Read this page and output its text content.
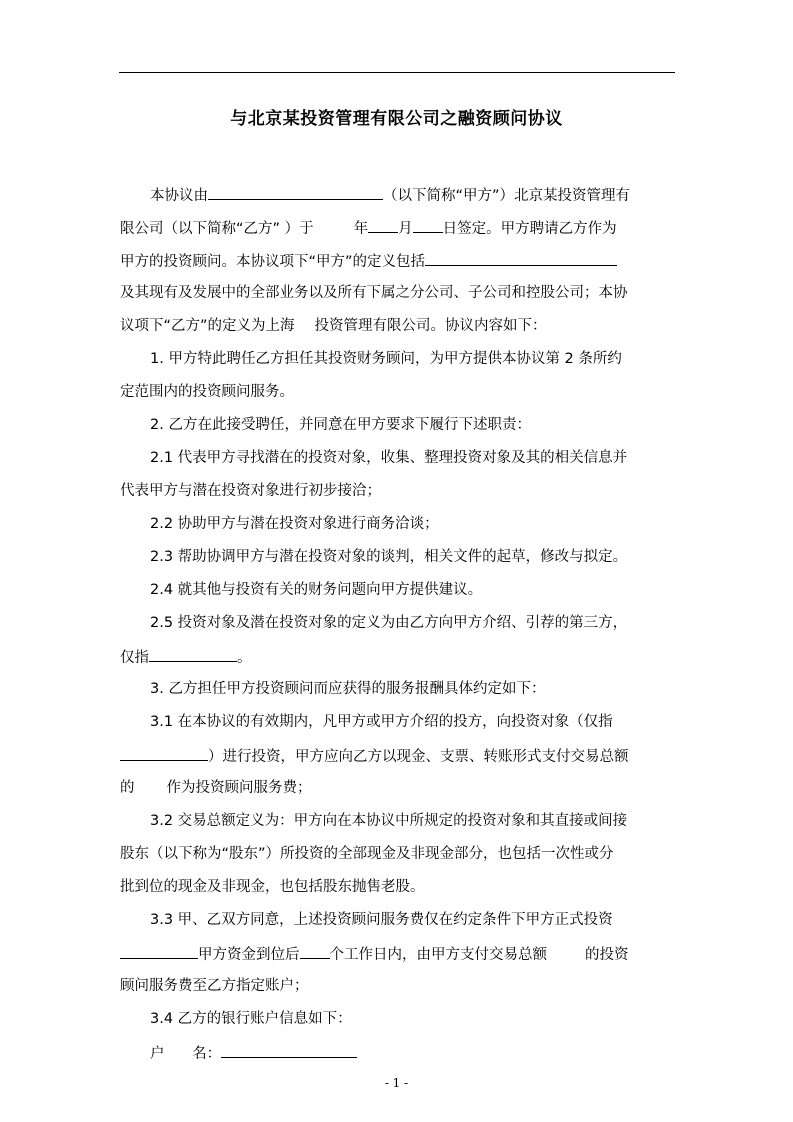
与北京某投资管理有限公司之融资顾问协议
本协议由	（以下简称“甲方”）北京某投资管理有
限公司（以下简称“乙方” ）于	年 月 日签定。甲方聘请乙方作为
甲方的投资顾问。本协议项下“甲方”的定义包括
及其现有及发展中的全部业务以及所有下属之分公司、子公司和控股公司；本协
议项下“乙方”的定义为上海 投资管理有限公司。协议内容如下：
1. 甲方特此聘任乙方担任其投资财务顾问，为甲方提供本协议第 2 条所约
定范围内的投资顾问服务。
2. 乙方在此接受聘任，并同意在甲方要求下履行下述职责：
2.1 代表甲方寻找潜在的投资对象，收集、整理投资对象及其的相关信息并
代表甲方与潜在投资对象进行初步接洽；
2.2 协助甲方与潜在投资对象进行商务洽谈；
2.3 帮助协调甲方与潜在投资对象的谈判，相关文件的起草，修改与拟定。
2.4 就其他与投资有关的财务问题向甲方提供建议。
2.5 投资对象及潜在投资对象的定义为由乙方向甲方介绍、引荐的第三方，
仅指	。
3. 乙方担任甲方投资顾问而应获得的服务报酬具体约定如下：
3.1 在本协议的有效期内，凡甲方或甲方介绍的投方，向投资对象（仅指
）进行投资，甲方应向乙方以现金、支票、转账形式支付交易总额
的 作为投资顾问服务费；
3.2 交易总额定义为：甲方向在本协议中所规定的投资对象和其直接或间接
股东（以下称为“股东”）所投资的全部现金及非现金部分，也包括一次性或分
批到位的现金及非现金，也包括股东抛售老股。
3.3 甲、乙双方同意，上述投资顾问服务费仅在约定条件下甲方正式投资
甲方资金到位后 个工作日内，由甲方支付交易总额	的投资
顾问服务费至乙方指定账户；
3.4 乙方的银行账户信息如下：
户      名：
- 1 -
